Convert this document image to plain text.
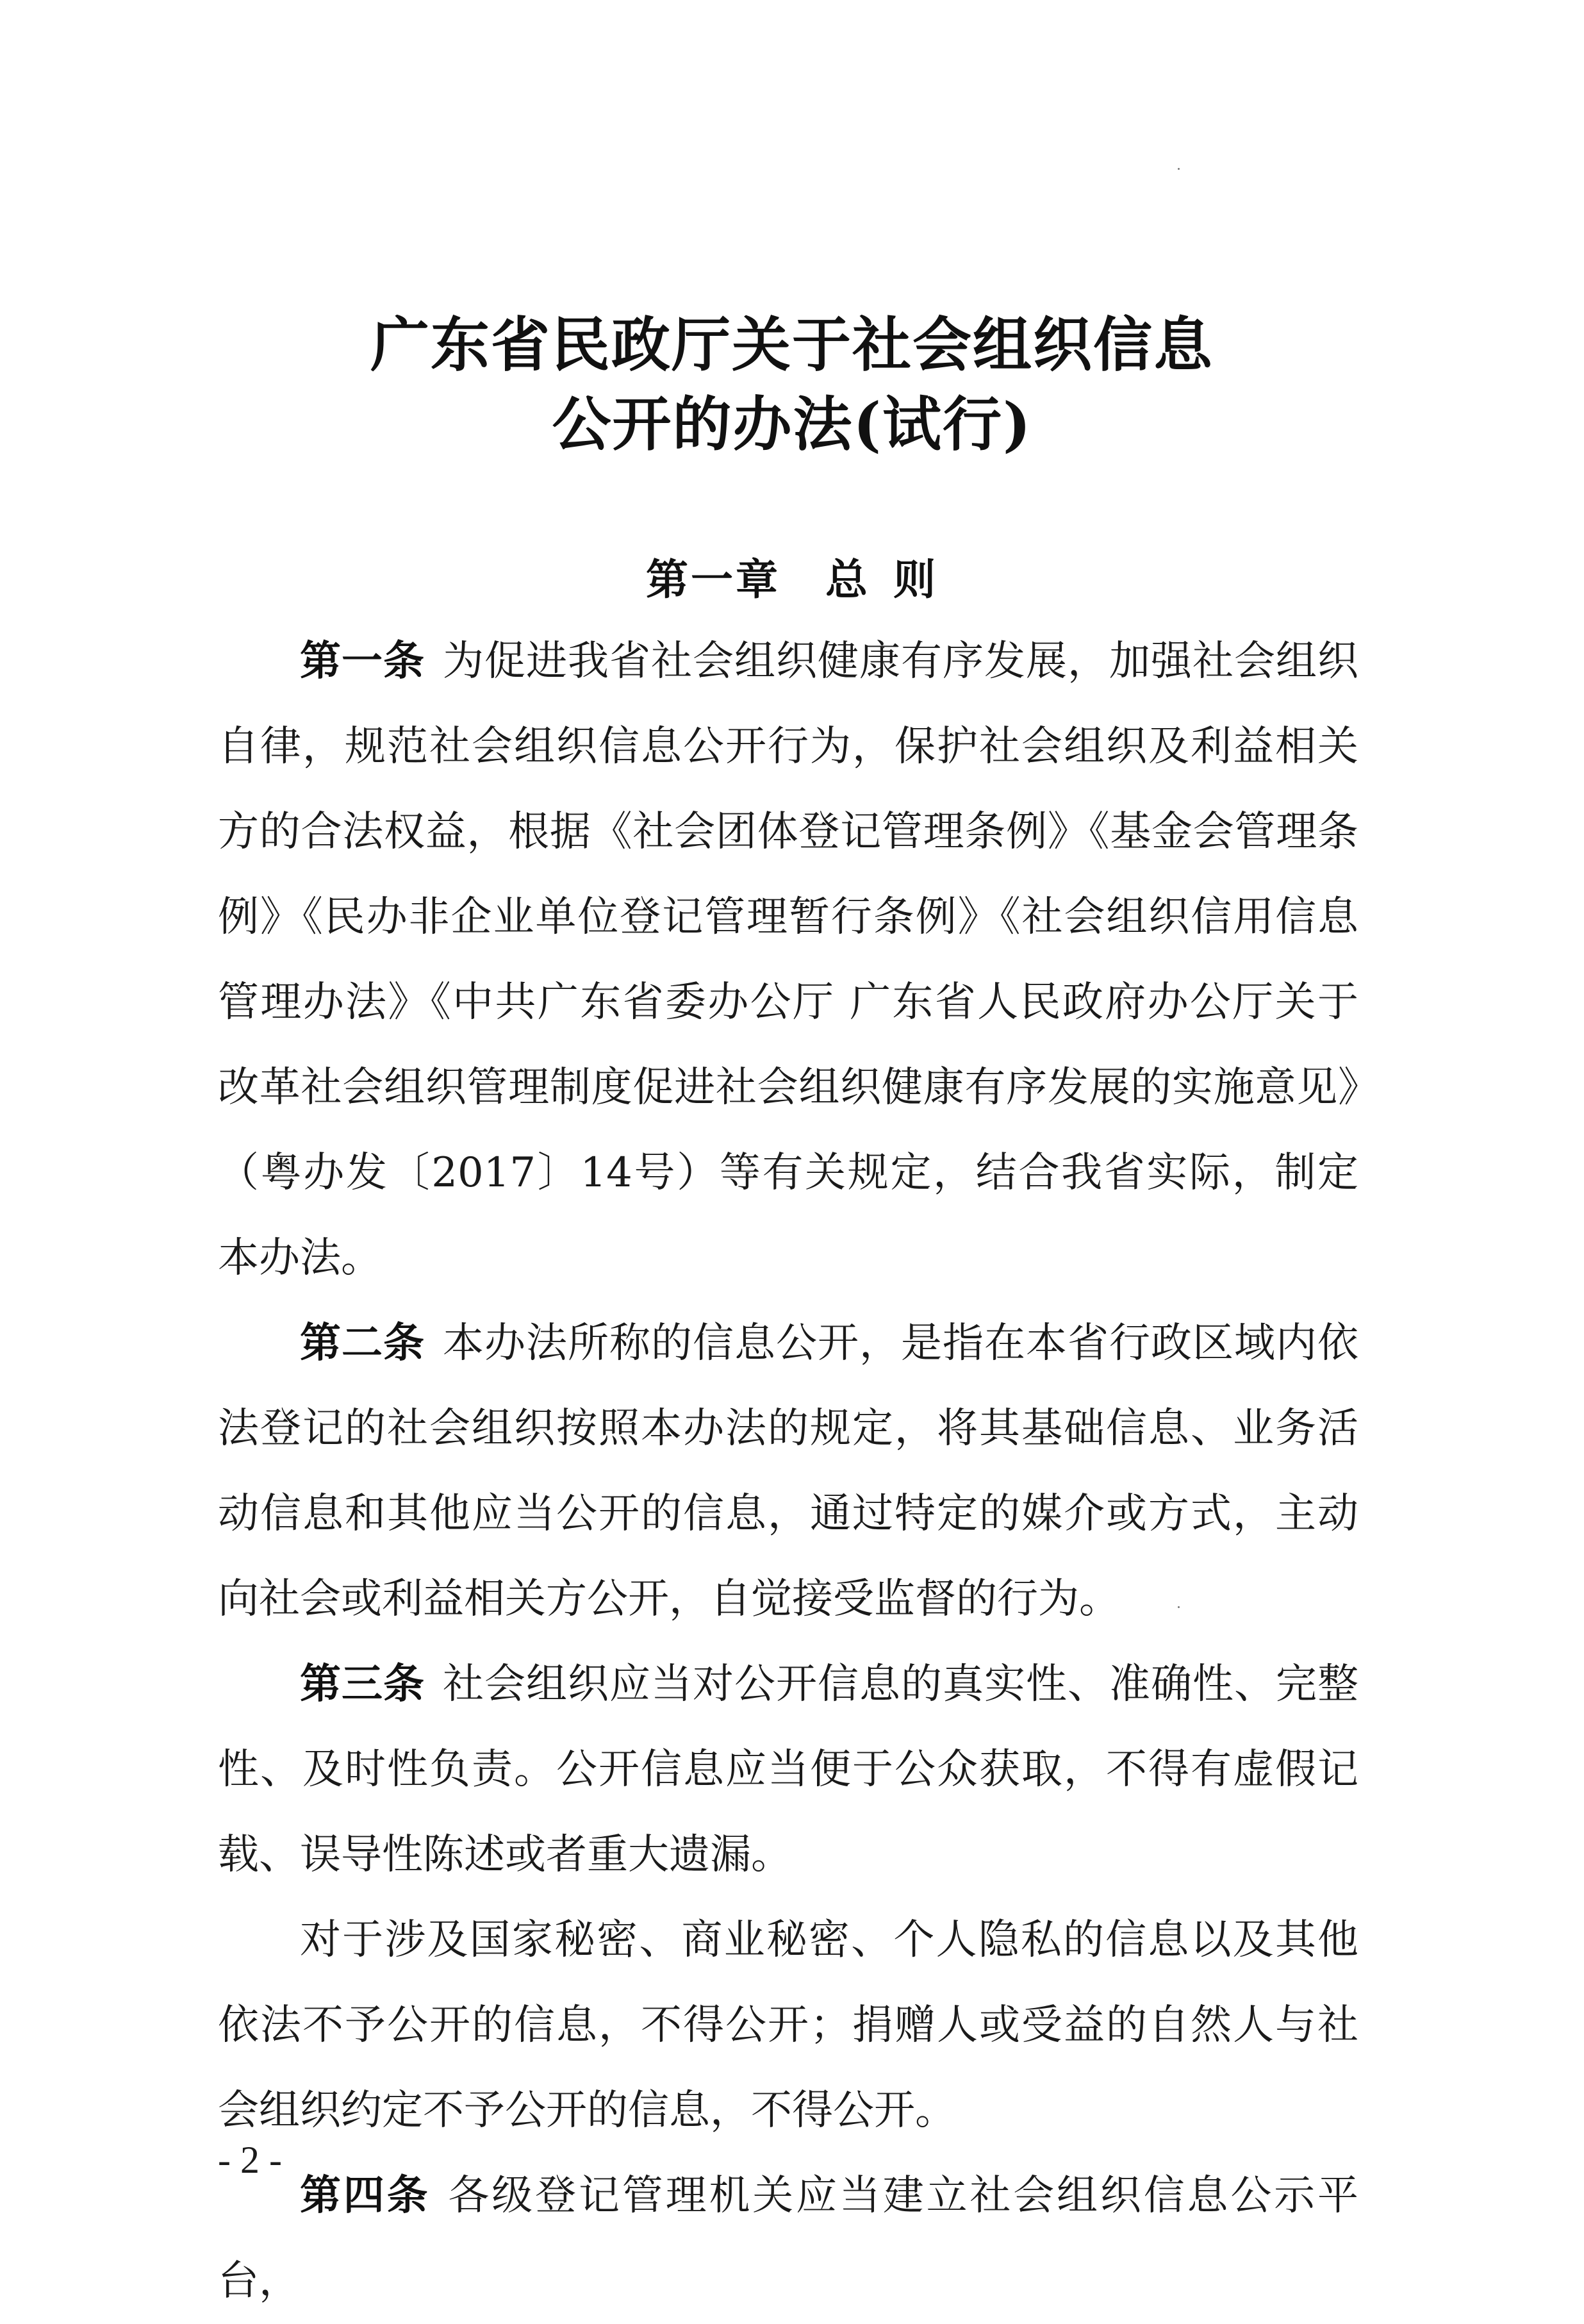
广东省民政厅关于社会组织信息
公开的办法(试行)
第一章 总 则

第一条 为促进我省社会组织健康有序发展，加强社会组织自律，规范社会组织信息公开行为，保护社会组织及利益相关方的合法权益，根据《社会团体登记管理条例》《基金会管理条例》《民办非企业单位登记管理暂行条例》《社会组织信用信息管理办法》《中共广东省委办公厅 广东省人民政府办公厅关于改革社会组织管理制度促进社会组织健康有序发展的实施意见》（粤办发〔2017〕14号）等有关规定，结合我省实际，制定本办法。

第二条 本办法所称的信息公开，是指在本省行政区域内依法登记的社会组织按照本办法的规定，将其基础信息、业务活动信息和其他应当公开的信息，通过特定的媒介或方式，主动向社会或利益相关方公开，自觉接受监督的行为。

第三条 社会组织应当对公开信息的真实性、准确性、完整性、及时性负责。公开信息应当便于公众获取，不得有虚假记载、误导性陈述或者重大遗漏。

对于涉及国家秘密、商业秘密、个人隐私的信息以及其他依法不予公开的信息，不得公开；捐赠人或受益的自然人与社会组织约定不予公开的信息，不得公开。

第四条 各级登记管理机关应当建立社会组织信息公示平台，

- 2 -
